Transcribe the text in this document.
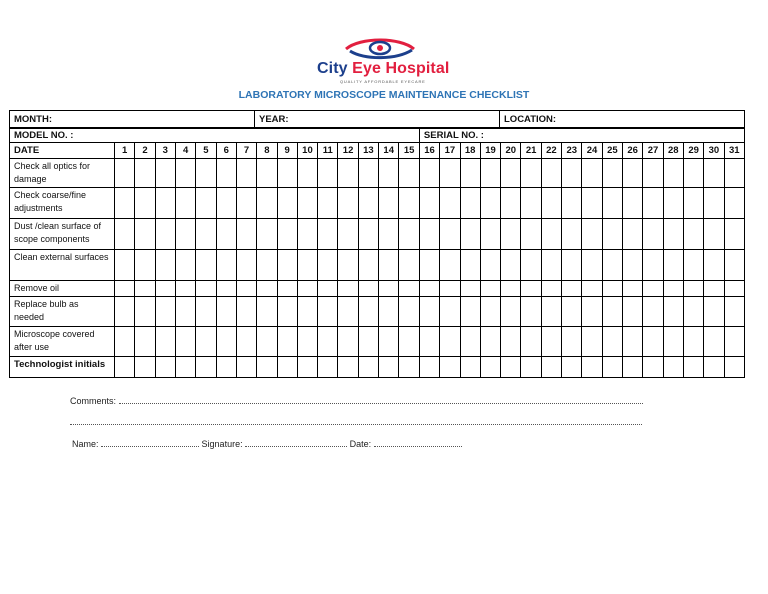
City Eye Hospital
QUALITY AFFORDABLE EYECARE
LABORATORY MICROSCOPE MAINTENANCE CHECKLIST
MONTH:	YEAR:	LOCATION:
MODEL NO. :																SERIAL NO. :															
DATE	1	2	3	4	5	6	7	8	9	10	11	12	13	14	15	16	17	18	19	20	21	22	23	24	25	26	27	28	29	30	31
Check all optics for damage																															
Check coarse/fine adjustments																															
Dust /clean surface of scope components																															
Clean external surfaces																															
Remove oil																															
Replace bulb as needed																															
Microscope covered after use																															
Technologist initials																															
Comments:
Name:	Signature:	Date:
